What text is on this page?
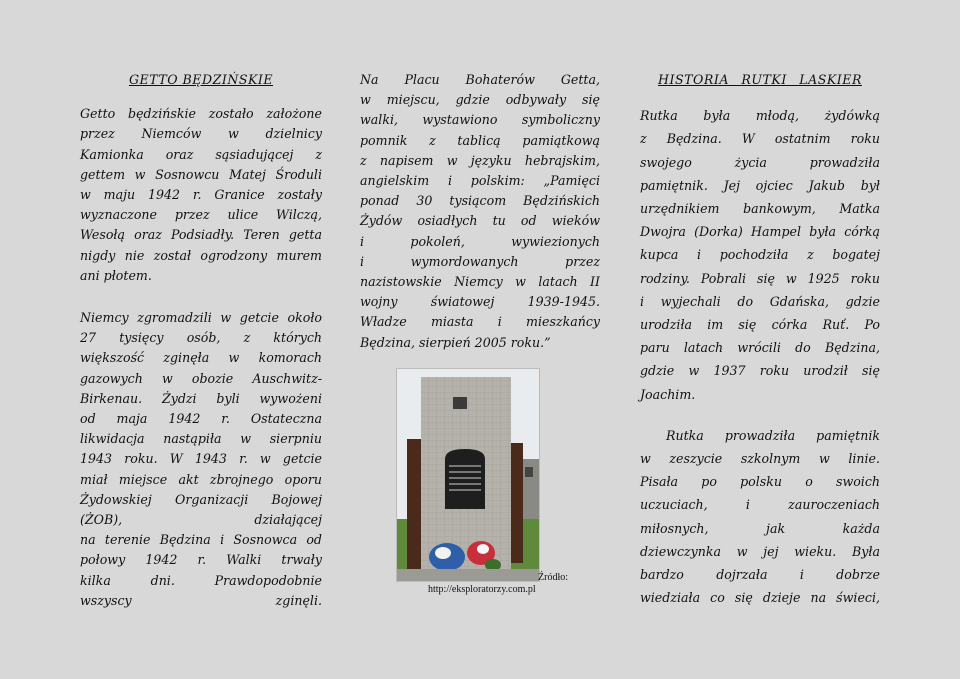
GETTO BĘDZIŃSKIE
Getto będzińskie zostało założone
przez Niemców w dzielnicy
Kamionka oraz sąsiadującej z
gettem w Sosnowcu Matej Środuli
w maju 1942 r. Granice zostały
wyznaczone przez ulice Wilczą,
Wesołą oraz Podsiadły. Teren getta
nigdy nie został ogrodzony murem
ani płotem.
Niemcy zgromadzili w getcie około
27 tysięcy osób, z których
większość zginęła w komorach
gazowych w obozie Auschwitz-
Birkenau. Żydzi byli wywożeni
od maja 1942 r. Ostateczna
likwidacja nastąpiła w sierpniu
1943 roku. W 1943 r. w getcie
miał miejsce akt zbrojnego oporu
Żydowskiej Organizacji Bojowej
(ŻOB), działającej
na terenie Będzina i Sosnowca od
połowy 1942 r. Walki trwały
kilka dni. Prawdopodobnie
wszyscy zginęli.
Na Placu Bohaterów Getta,
w miejscu, gdzie odbywały się
walki, wystawiono symboliczny
pomnik z tablicą pamiątkową
z napisem w języku hebrajskim,
angielskim i polskim: „Pamięci
ponad 30 tysiącom Będzińskich
Żydów osiadłych tu od wieków
i pokoleń, wywiezionych
i wymordowanych przez
nazistowskie Niemcy w latach II
wojny światowej 1939-1945.
Władze miasta i mieszkańcy
Będzina, sierpień 2005 roku.”
Źródło:
http://eksploratorzy.com.pl
HISTORIA RUTKI LASKIER
Rutka była młodą, żydówką
z Będzina. W ostatnim roku
swojego życia prowadziła
pamiętnik. Jej ojciec Jakub był
urzędnikiem bankowym, Matka
Dwojra (Dorka) Hampel była córką
kupca i pochodziła z bogatej
rodziny. Pobrali się w 1925 roku
i wyjechali do Gdańska, gdzie
urodziła im się córka Ruť. Po
paru latach wrócili do Będzina,
gdzie w 1937 roku urodził się
Joachim.
Rutka prowadziła pamiętnik
w zeszycie szkolnym w linie.
Pisała po polsku o swoich
uczuciach, i zauroczeniach
miłosnych, jak każda
dziewczynka w jej wieku. Była
bardzo dojrzała i dobrze
wiedziała co się dzieje na świeci,
